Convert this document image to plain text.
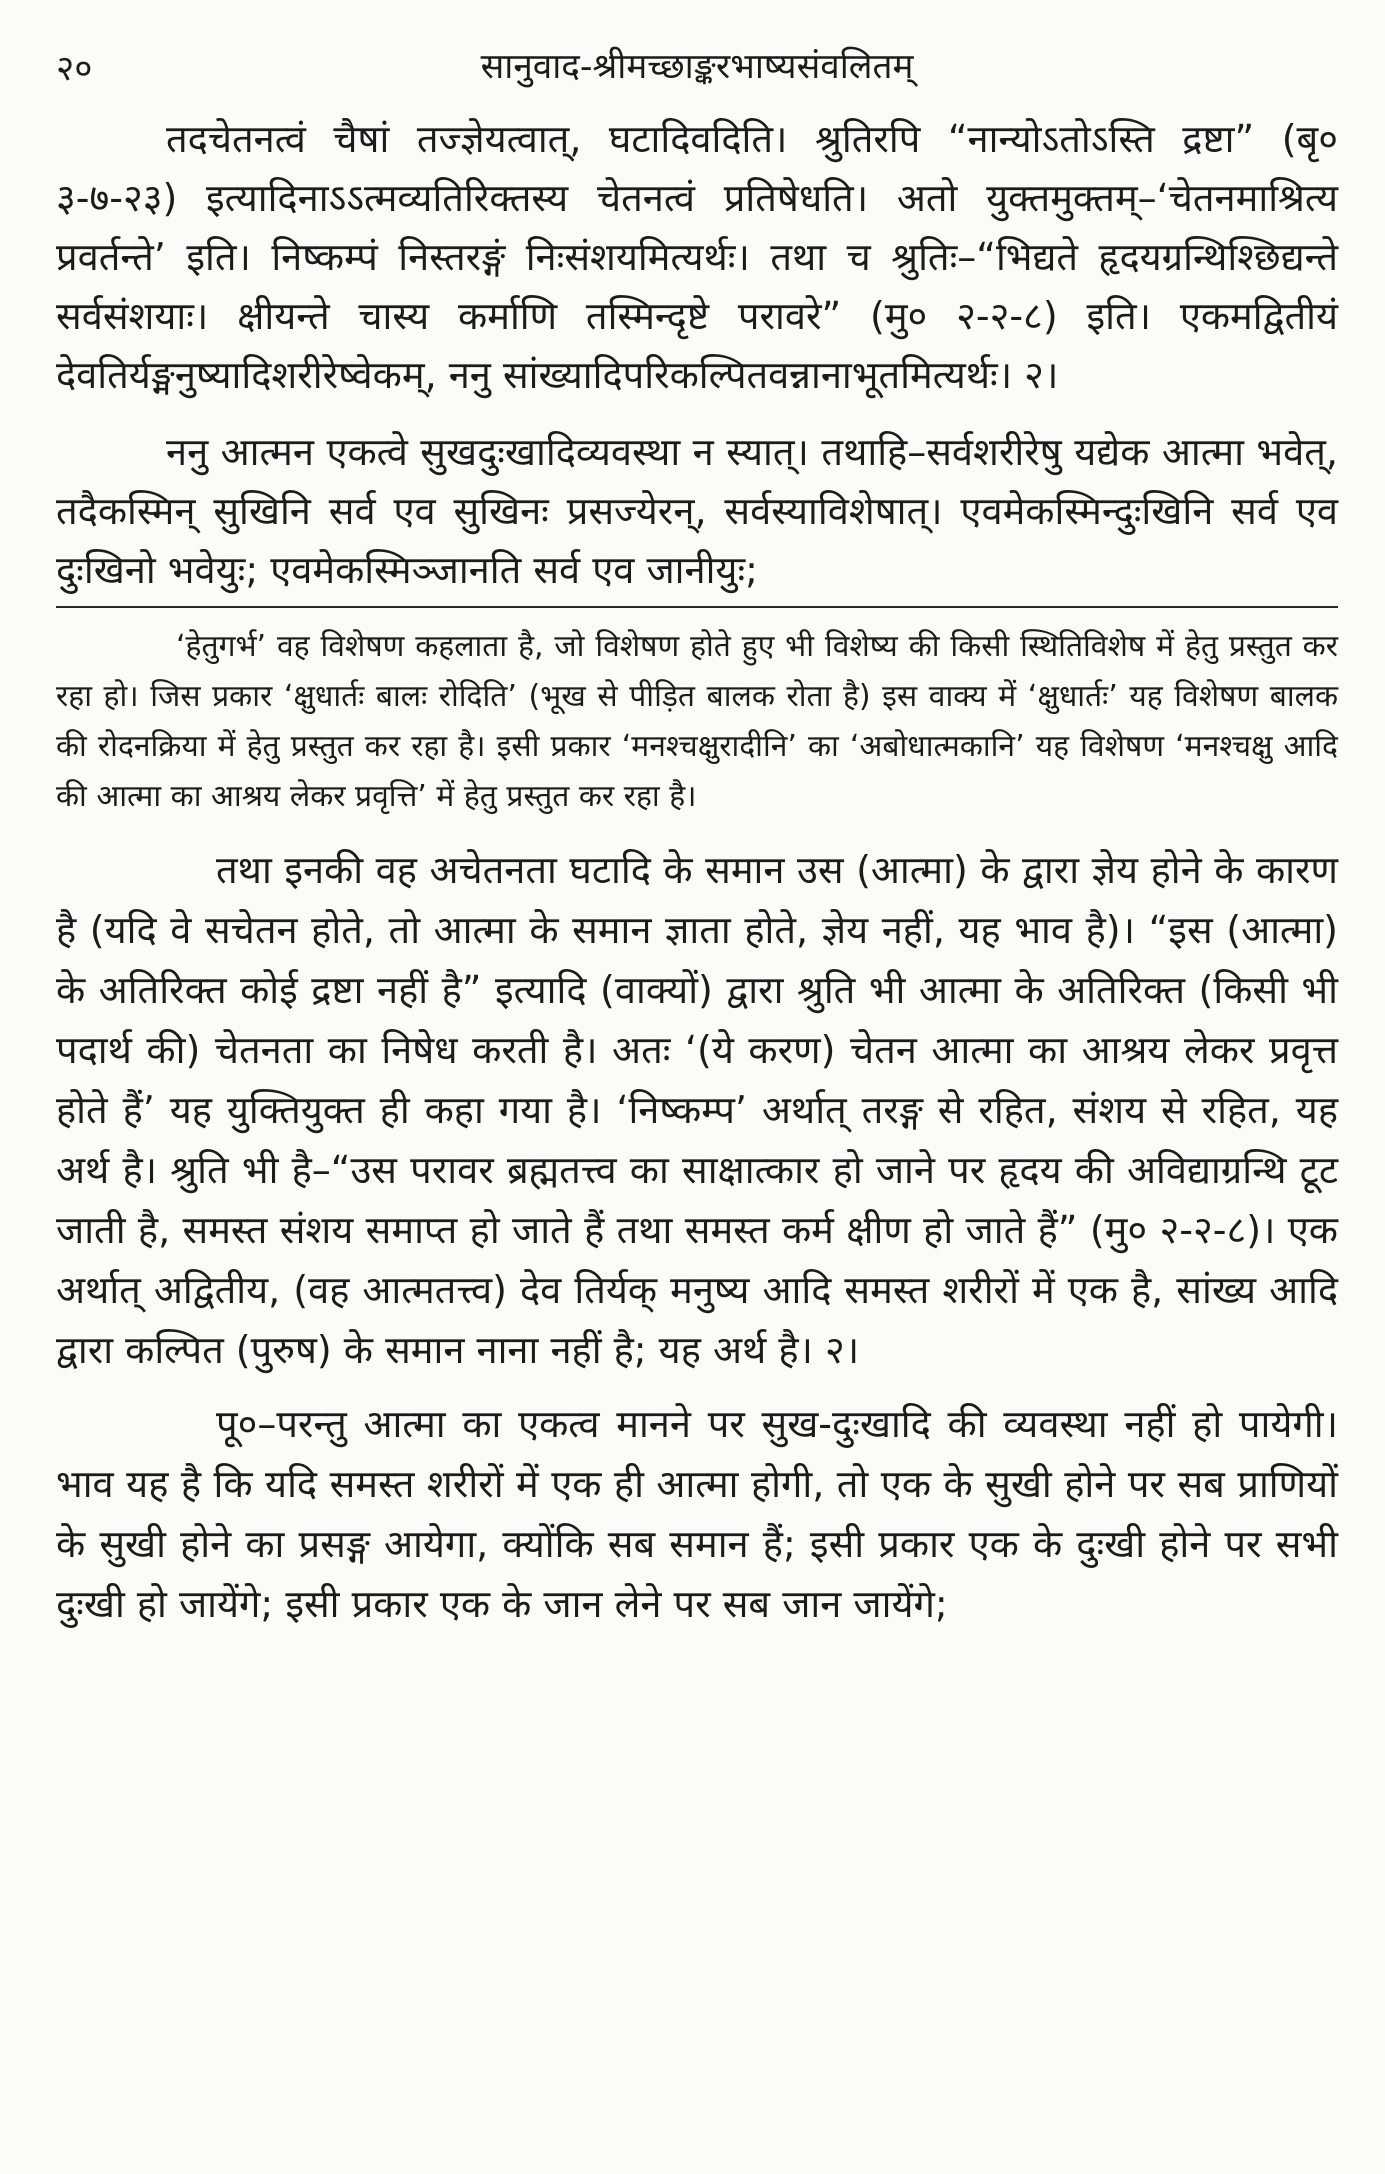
२०	सानुवाद-श्रीमच्छाङ्करभाष्यसंवलितम्

तदचेतनत्वं चैषां तज्ज्ञेयत्वात्, घटादिवदिति। श्रुतिरपि “नान्योऽतोऽस्ति द्रष्टा” (बृ० ३-७-२३) इत्यादिनाऽऽत्मव्यतिरिक्तस्य चेतनत्वं प्रतिषेधति। अतो युक्तमुक्तम्–‘चेतनमाश्रित्य प्रवर्तन्ते’ इति। निष्कम्पं निस्तरङ्गं निःसंशयमित्यर्थः। तथा च श्रुतिः–“भिद्यते हृदयग्रन्थिश्छिद्यन्ते सर्वसंशयाः। क्षीयन्ते चास्य कर्माणि तस्मिन्दृष्टे परावरे” (मु० २-२-८) इति। एकमद्वितीयं देवतिर्यङ्मनुष्यादिशरीरेष्वेकम्, ननु सांख्यादिपरिकल्पितवन्नानाभूतमित्यर्थः। २।

ननु आत्मन एकत्वे सुखदुःखादिव्यवस्था न स्यात्। तथाहि–सर्वशरीरेषु यद्येक आत्मा भवेत्, तदैकस्मिन् सुखिनि सर्व एव सुखिनः प्रसज्येरन्, सर्वस्याविशेषात्। एवमेकस्मिन्दुःखिनि सर्व एव दुःखिनो भवेयुः; एवमेकस्मिञ्जानति सर्व एव जानीयुः;

‘हेतुगर्भ’ वह विशेषण कहलाता है, जो विशेषण होते हुए भी विशेष्य की किसी स्थितिविशेष में हेतु प्रस्तुत कर रहा हो। जिस प्रकार ‘क्षुधार्तः बालः रोदिति’ (भूख से पीड़ित बालक रोता है) इस वाक्य में ‘क्षुधार्तः’ यह विशेषण बालक की रोदनक्रिया में हेतु प्रस्तुत कर रहा है। इसी प्रकार ‘मनश्चक्षुरादीनि’ का ‘अबोधात्मकानि’ यह विशेषण ‘मनश्चक्षु आदि की आत्मा का आश्रय लेकर प्रवृत्ति’ में हेतु प्रस्तुत कर रहा है।

तथा इनकी वह अचेतनता घटादि के समान उस (आत्मा) के द्वारा ज्ञेय होने के कारण है (यदि वे सचेतन होते, तो आत्मा के समान ज्ञाता होते, ज्ञेय नहीं, यह भाव है)। “इस (आत्मा) के अतिरिक्त कोई द्रष्टा नहीं है” इत्यादि (वाक्यों) द्वारा श्रुति भी आत्मा के अतिरिक्त (किसी भी पदार्थ की) चेतनता का निषेध करती है। अतः ‘(ये करण) चेतन आत्मा का आश्रय लेकर प्रवृत्त होते हैं’ यह युक्तियुक्त ही कहा गया है। ‘निष्कम्प’ अर्थात् तरङ्ग से रहित, संशय से रहित, यह अर्थ है। श्रुति भी है–“उस परावर ब्रह्मतत्त्व का साक्षात्कार हो जाने पर हृदय की अविद्याग्रन्थि टूट जाती है, समस्त संशय समाप्त हो जाते हैं तथा समस्त कर्म क्षीण हो जाते हैं” (मु० २-२-८)। एक अर्थात् अद्वितीय, (वह आत्मतत्त्व) देव तिर्यक् मनुष्य आदि समस्त शरीरों में एक है, सांख्य आदि द्वारा कल्पित (पुरुष) के समान नाना नहीं है; यह अर्थ है। २।

पू०–परन्तु आत्मा का एकत्व मानने पर सुख-दुःखादि की व्यवस्था नहीं हो पायेगी। भाव यह है कि यदि समस्त शरीरों में एक ही आत्मा होगी, तो एक के सुखी होने पर सब प्राणियों के सुखी होने का प्रसङ्ग आयेगा, क्योंकि सब समान हैं; इसी प्रकार एक के दुःखी होने पर सभी दुःखी हो जायेंगे; इसी प्रकार एक के जान लेने पर सब जान जायेंगे;
